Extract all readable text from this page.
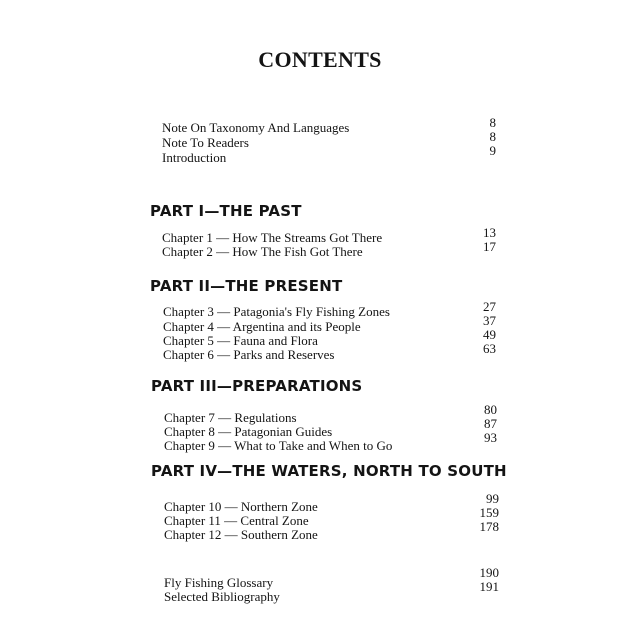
CONTENTS
Note On Taxonomy And Languages
Note To Readers
Introduction
8
8
9
PART I—THE PAST
Chapter 1 — How The Streams Got There
Chapter 2 — How The Fish Got There
13
17
PART II—THE PRESENT
Chapter 3 — Patagonia's Fly Fishing Zones
Chapter 4 — Argentina and its People
Chapter 5 — Fauna and Flora
Chapter 6 — Parks and Reserves
27
37
49
63
PART III—PREPARATIONS
Chapter 7 — Regulations
Chapter 8 — Patagonian Guides
Chapter 9 — What to Take and When to Go
80
87
93
PART IV—THE WATERS, NORTH TO SOUTH
Chapter 10 — Northern Zone
Chapter 11 — Central Zone
Chapter 12 — Southern Zone
99
159
178
Fly Fishing Glossary
Selected Bibliography
190
191
